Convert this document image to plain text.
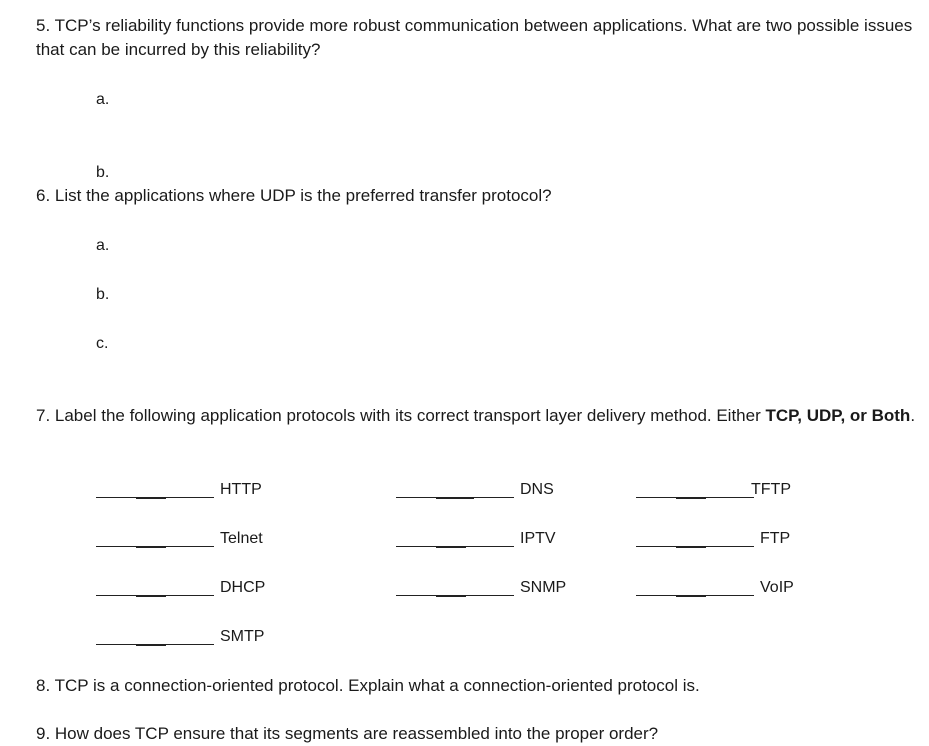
5. TCP’s reliability functions provide more robust communication between applications. What are two possible issues that can be incurred by this reliability?

a.
b.

6. List the applications where UDP is the preferred transfer protocol?

a.
b.
c.

7. Label the following application protocols with its correct transport layer delivery method. Either TCP, UDP, or Both.

HTTP	DNS	TFTP
Telnet	IPTV	FTP
DHCP	SNMP	VoIP
SMTP

8. TCP is a connection-oriented protocol. Explain what a connection-oriented protocol is.

9. How does TCP ensure that its segments are reassembled into the proper order?
